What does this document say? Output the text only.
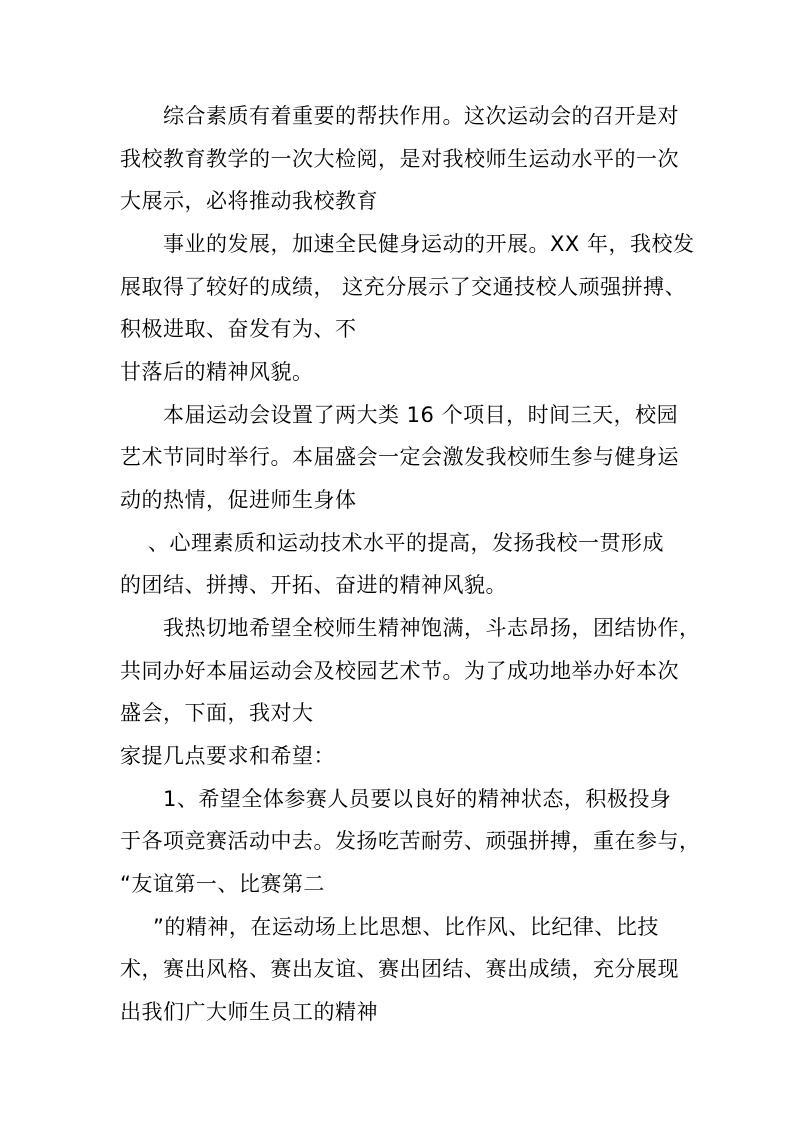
综合素质有着重要的帮扶作用。这次运动会的召开是对
我校教育教学的一次大检阅，是对我校师生运动水平的一次
大展示，必将推动我校教育
事业的发展，加速全民健身运动的开展。XX 年，我校发
展取得了较好的成绩， 这充分展示了交通技校人顽强拼搏、
积极进取、奋发有为、不
甘落后的精神风貌。
本届运动会设置了两大类 16 个项目，时间三天，校园
艺术节同时举行。本届盛会一定会激发我校师生参与健身运
动的热情，促进师生身体
、心理素质和运动技术水平的提高，发扬我校一贯形成
的团结、拼搏、开拓、奋进的精神风貌。
我热切地希望全校师生精神饱满，斗志昂扬，团结协作，
共同办好本届运动会及校园艺术节。为了成功地举办好本次
盛会，下面，我对大
家提几点要求和希望：
1、希望全体参赛人员要以良好的精神状态，积极投身
于各项竞赛活动中去。发扬吃苦耐劳、顽强拼搏，重在参与，
“友谊第一、比赛第二
”的精神，在运动场上比思想、比作风、比纪律、比技
术，赛出风格、赛出友谊、赛出团结、赛出成绩，充分展现
出我们广大师生员工的精神
